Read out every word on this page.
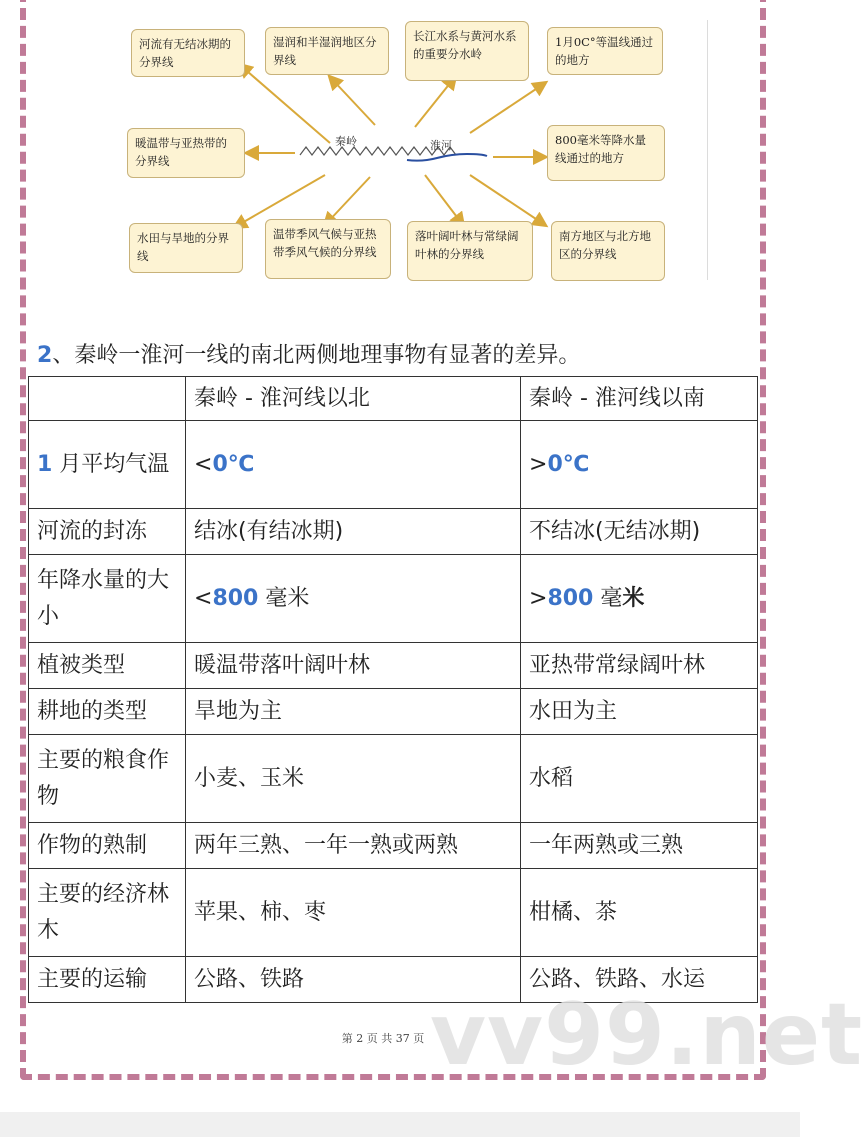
秦岭	淮河
河流有无结冰期的分界线
湿润和半湿润地区分界线
长江水系与黄河水系的重要分水岭
1月0C°等温线通过的地方
暖温带与亚热带的分界线
800毫米等降水量线通过的地方
水田与旱地的分界线
温带季风气候与亚热带季风气候的分界线
落叶阔叶林与常绿阔叶林的分界线
南方地区与北方地区的分界线
2、秦岭一淮河一线的南北两侧地理事物有显著的差异。
	秦岭 - 淮河线以北	秦岭 - 淮河线以南
1 月平均气温	<0℃	>0℃
河流的封冻	结冰(有结冰期)	不结冰(无结冰期)
年降水量的大小	<800 毫米	>800 毫米
植被类型	暖温带落叶阔叶林	亚热带常绿阔叶林
耕地的类型	旱地为主	水田为主
主要的粮食作物	小麦、玉米	水稻
作物的熟制	两年三熟、一年一熟或两熟	一年两熟或三熟
主要的经济林木	苹果、柿、枣	柑橘、茶
主要的运输	公路、铁路	公路、铁路、水运
vv99.net
第 2 页 共 37 页
